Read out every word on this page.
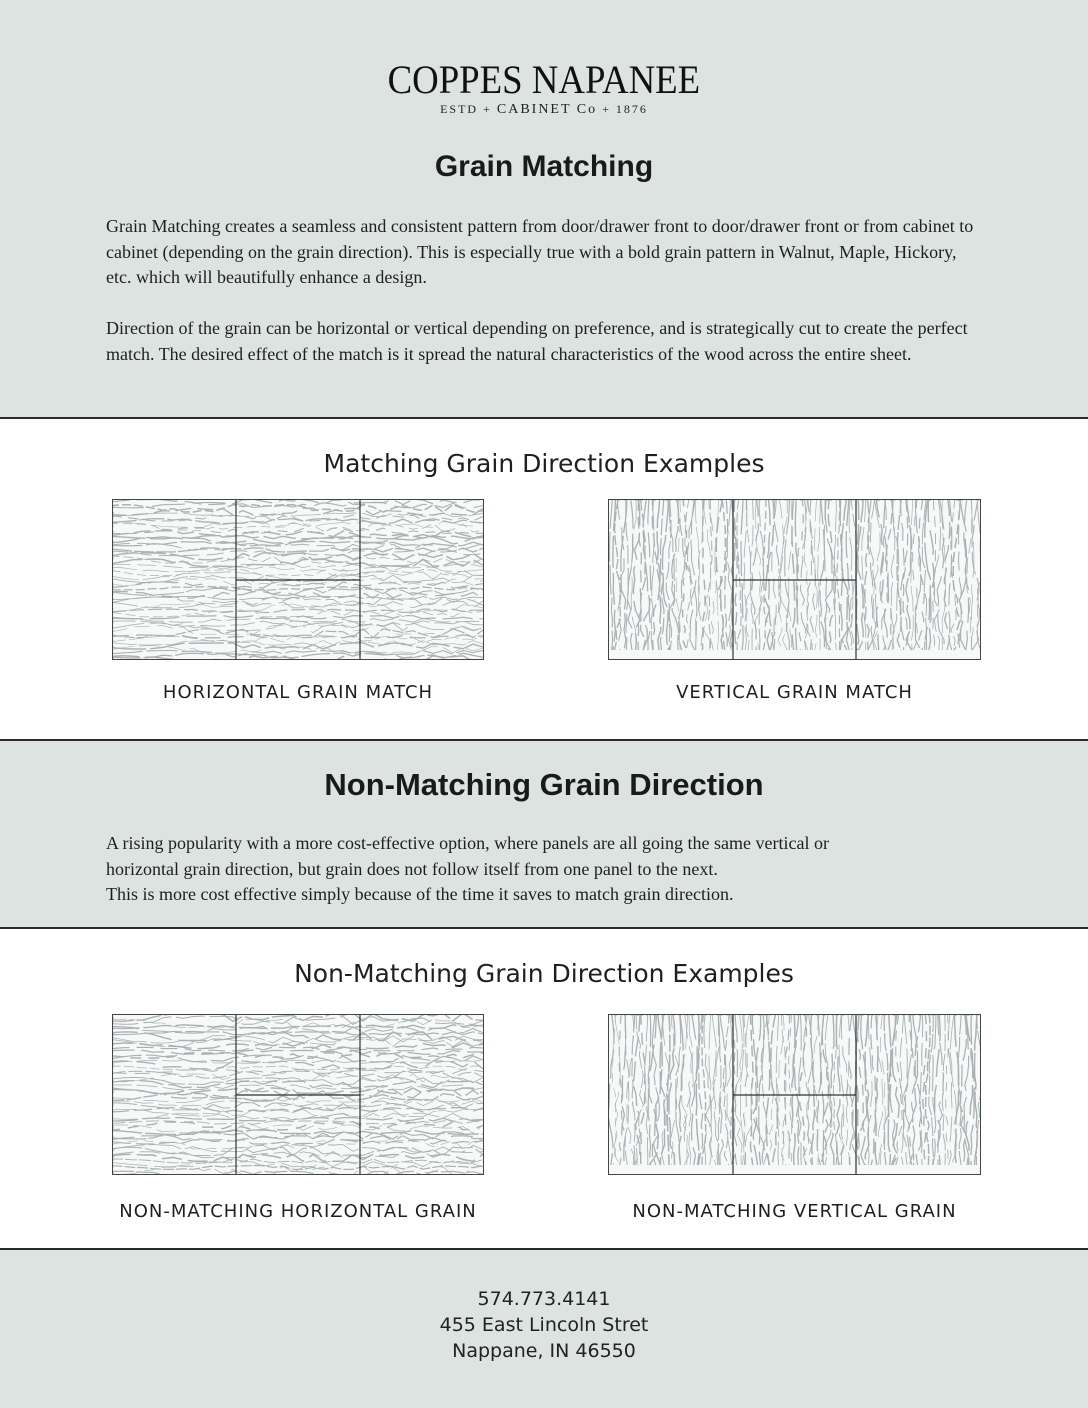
COPPES NAPANEE
ESTD + CABINET Co + 1876
Grain Matching
Grain Matching creates a seamless and consistent pattern from door/drawer front to door/drawer front or from cabinet to cabinet (depending on the grain direction). This is especially true with a bold grain pattern in Walnut, Maple, Hickory, etc. which will beautifully enhance a design.
Direction of the grain can be horizontal or vertical depending on preference, and is strategically cut to create the perfect match. The desired effect of the match is it spread the natural characteristics of the wood across the entire sheet.
Matching Grain Direction Examples
HORIZONTAL GRAIN MATCH	VERTICAL GRAIN MATCH
Non-Matching Grain Direction
A rising popularity with a more cost-effective option, where panels are all going the same vertical or
horizontal grain direction, but grain does not follow itself from one panel to the next.
This is more cost effective simply because of the time it saves to match grain direction.
Non-Matching Grain Direction Examples
NON-MATCHING HORIZONTAL GRAIN	NON-MATCHING VERTICAL GRAIN
574.773.4141
455 East Lincoln Stret
Nappane, IN 46550
